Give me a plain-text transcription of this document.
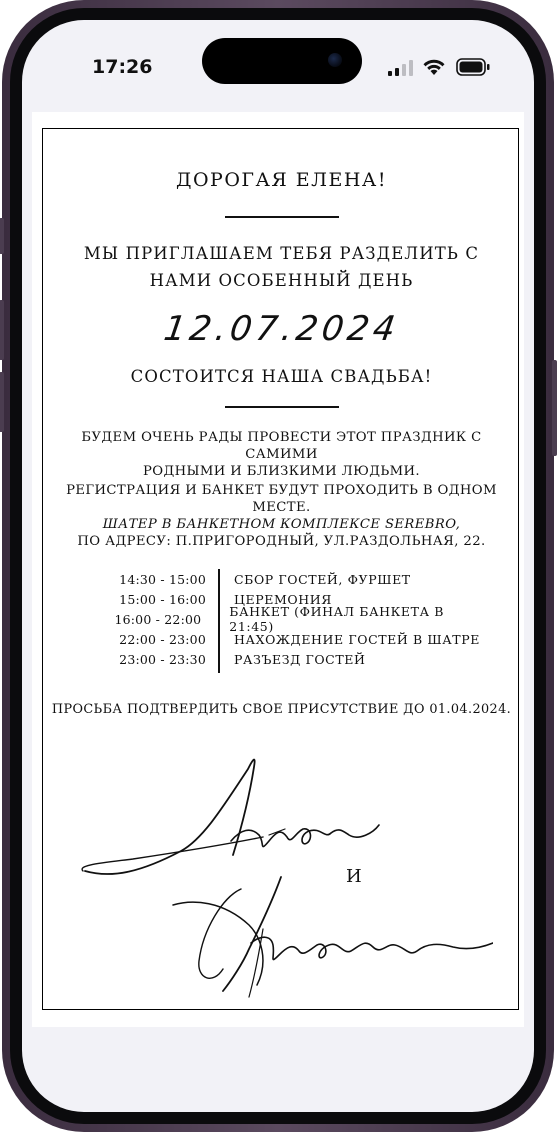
17:26
ДОРОГАЯ ЕЛЕНА!
МЫ ПРИГЛАШАЕМ ТЕБЯ РАЗДЕЛИТЬ С
НАМИ ОСОБЕННЫЙ ДЕНЬ
12.07.2024
СОСТОИТСЯ НАША СВАДЬБА!
БУДЕМ ОЧЕНЬ РАДЫ ПРОВЕСТИ ЭТОТ ПРАЗДНИК С САМИМИ
РОДНЫМИ И БЛИЗКИМИ ЛЮДЬМИ.
РЕГИСТРАЦИЯ И БАНКЕТ БУДУТ ПРОХОДИТЬ В ОДНОМ МЕСТЕ.
ШАТЕР В БАНКЕТНОМ КОМПЛЕКСЕ SEREBRO,
ПО АДРЕСУ: П.ПРИГОРОДНЫЙ, УЛ.РАЗДОЛЬНАЯ, 22.
14:30 - 15:00	СБОР ГОСТЕЙ, ФУРШЕТ
15:00 - 16:00	ЦЕРЕМОНИЯ
16:00 - 22:00	БАНКЕТ (ФИНАЛ БАНКЕТА В 21:45)
22:00 - 23:00	НАХОЖДЕНИЕ ГОСТЕЙ В ШАТРЕ
23:00 - 23:30	РАЗЪЕЗД ГОСТЕЙ
ПРОСЬБА ПОДТВЕРДИТЬ СВОЕ ПРИСУТСТВИЕ ДО 01.04.2024.
И
